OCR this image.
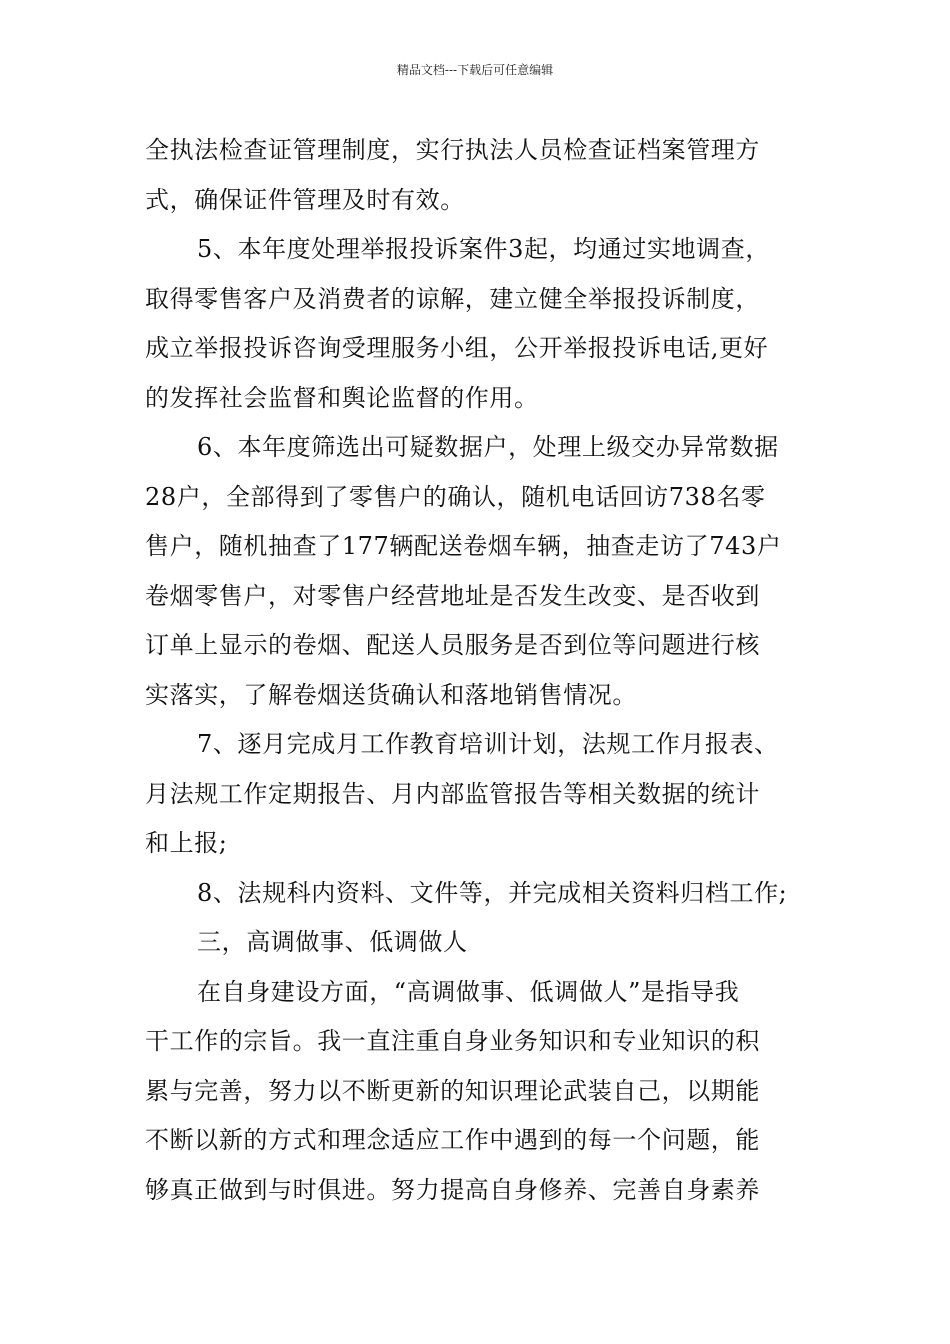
精品文档---下载后可任意编辑
全执法检查证管理制度，实行执法人员检查证档案管理方
式，确保证件管理及时有效。
5、本年度处理举报投诉案件3起，均通过实地调查，
取得零售客户及消费者的谅解，建立健全举报投诉制度，
成立举报投诉咨询受理服务小组，公开举报投诉电话,更好
的发挥社会监督和舆论监督的作用。
6、本年度筛选出可疑数据户，处理上级交办异常数据
28户，全部得到了零售户的确认，随机电话回访738名零
售户，随机抽查了177辆配送卷烟车辆，抽查走访了743户
卷烟零售户，对零售户经营地址是否发生改变、是否收到
订单上显示的卷烟、配送人员服务是否到位等问题进行核
实落实，了解卷烟送货确认和落地销售情况。
7、逐月完成月工作教育培训计划，法规工作月报表、
月法规工作定期报告、月内部监管报告等相关数据的统计
和上报;
8、法规科内资料、文件等，并完成相关资料归档工作;
三，高调做事、低调做人
在自身建设方面，“高调做事、低调做人”是指导我
干工作的宗旨。我一直注重自身业务知识和专业知识的积
累与完善，努力以不断更新的知识理论武装自己，以期能
不断以新的方式和理念适应工作中遇到的每一个问题，能
够真正做到与时俱进。努力提高自身修养、完善自身素养
